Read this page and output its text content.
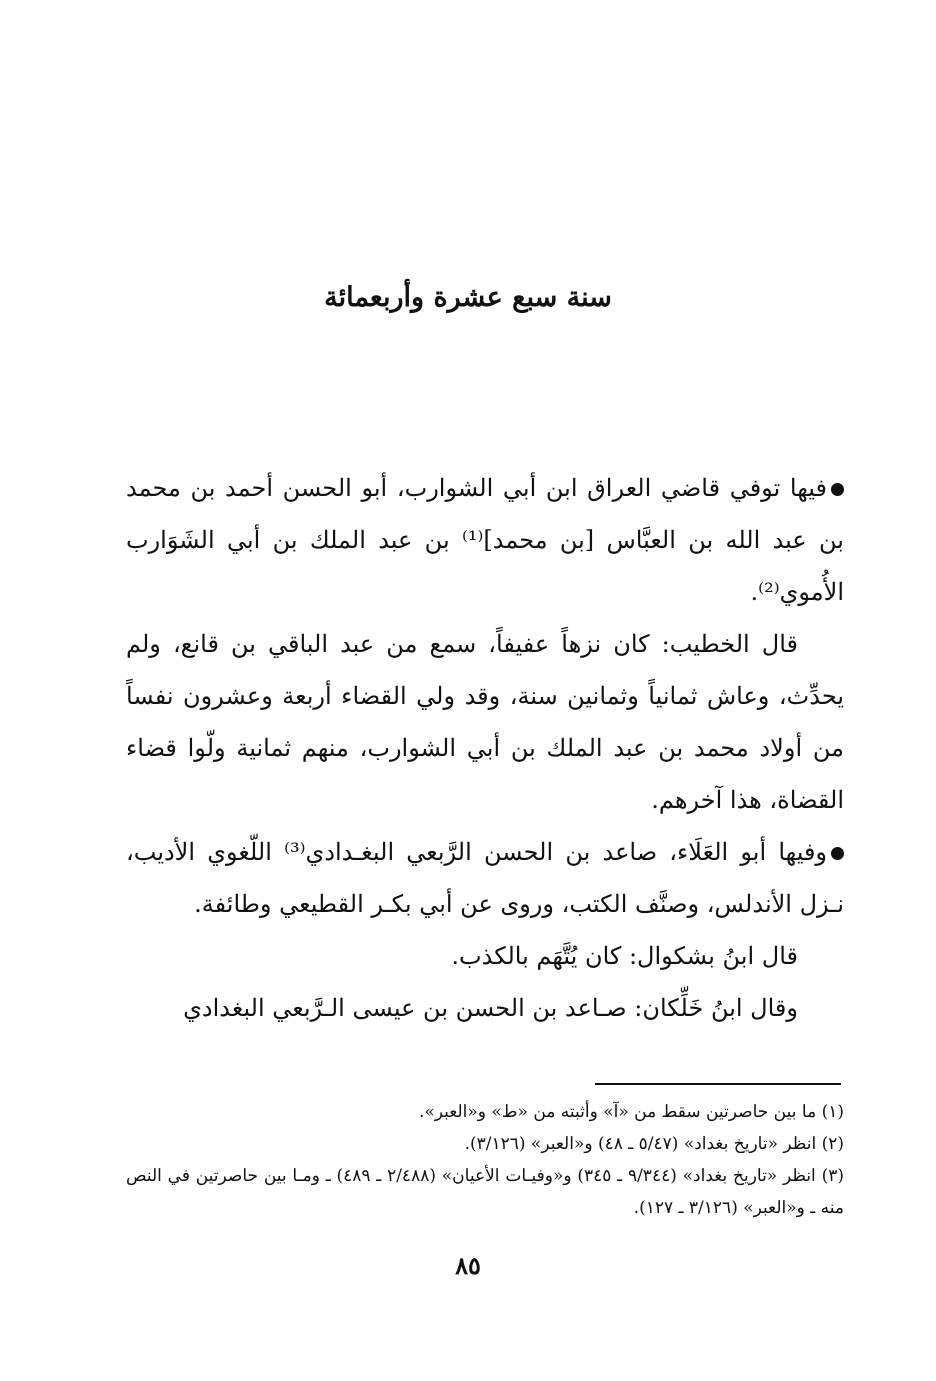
سنة سبع عشرة وأربعمائة

فيها توفي قاضي العراق ابن أبي الشوارب، أبو الحسن أحمد بن محمد بن عبد الله بن العبَّاس [بن محمد]⁽¹⁾ بن عبد الملك بن أبي الشَوَارب الأُموي⁽²⁾.

قال الخطيب: كان نزهاً عفيفاً، سمع من عبد الباقي بن قانع، ولم يحدِّث، وعاش ثمانياً وثمانين سنة، وقد ولي القضاء أربعة وعشرون نفساً من أولاد محمد بن عبد الملك بن أبي الشوارب، منهم ثمانية ولّوا قضاء القضاة، هذا آخرهم.

وفيها أبو العَلَاء، صاعد بن الحسن الرَّبعي البغـدادي⁽³⁾ اللّغوي الأديب، نـزل الأندلس، وصنَّف الكتب، وروى عن أبي بكـر القطيعي وطائفة.

قال ابنُ بشكوال: كان يُتَّهَم بالكذب.

وقال ابنُ خَلِّكان: صـاعد بن الحسن بن عيسى الـرَّبعي البغدادي

(١) ما بين حاصرتين سقط من «آ» وأثبته من «ط» و«العبر».

(٢) انظر «تاريخ بغداد» (٥/٤٧ ـ ٤٨) و«العبر» (٣/١٢٦).

(٣) انظر «تاريخ بغداد» (٩/٣٤٤ ـ ٣٤٥) و«وفيـات الأعيان» (٢/٤٨٨ ـ ٤٨٩) ـ ومـا بين حاصرتين في النص منه ـ و«العبر» (٣/١٢٦ ـ ١٢٧).

٨٥
